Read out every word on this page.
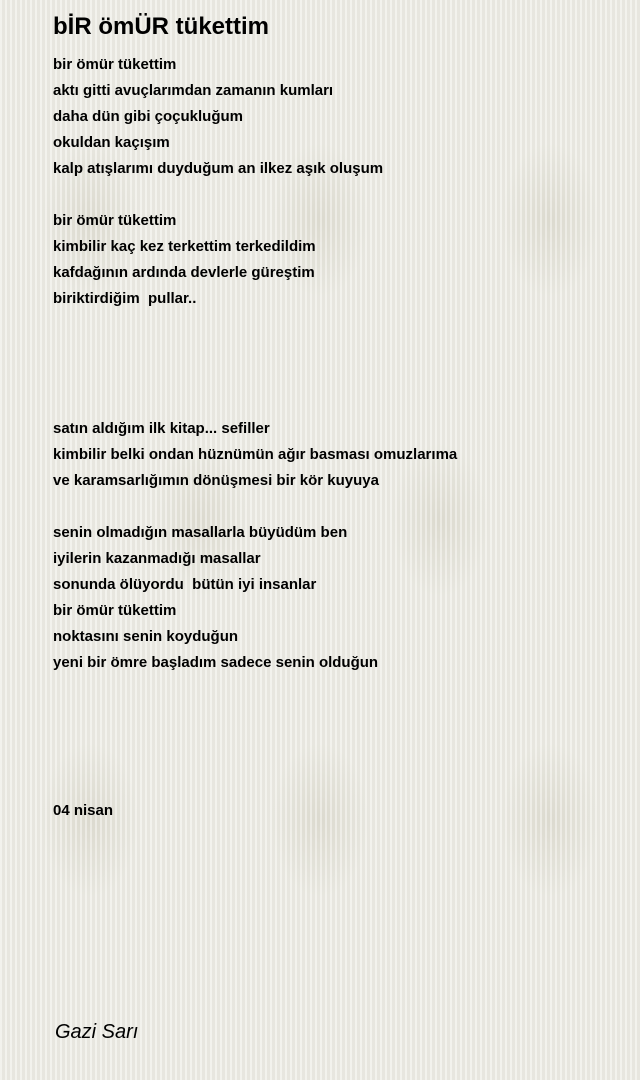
bİR ömÜR tükettim
bir ömür tükettim
aktı gitti avuçlarımdan zamanın kumları
daha dün gibi çoçukluğum
okuldan kaçışım
kalp atışlarımı duyduğum an ilkez aşık oluşum
bir ömür tükettim
kimbilir kaç kez terkettim terkedildim
kafdağının ardında devlerle güreştim
biriktirdiğim  pullar..
satın aldığım ilk kitap... sefiller
kimbilir belki ondan hüznümün ağır basması omuzlarıma
ve karamsarlığımın dönüşmesi bir kör kuyuya
senin olmadığın masallarla büyüdüm ben
iyilerin kazanmadığı masallar
sonunda ölüyordu  bütün iyi insanlar
bir ömür tükettim
noktasını senin koyduğun
yeni bir ömre başladım sadece senin olduğun
04 nisan
Gazi Sarı
